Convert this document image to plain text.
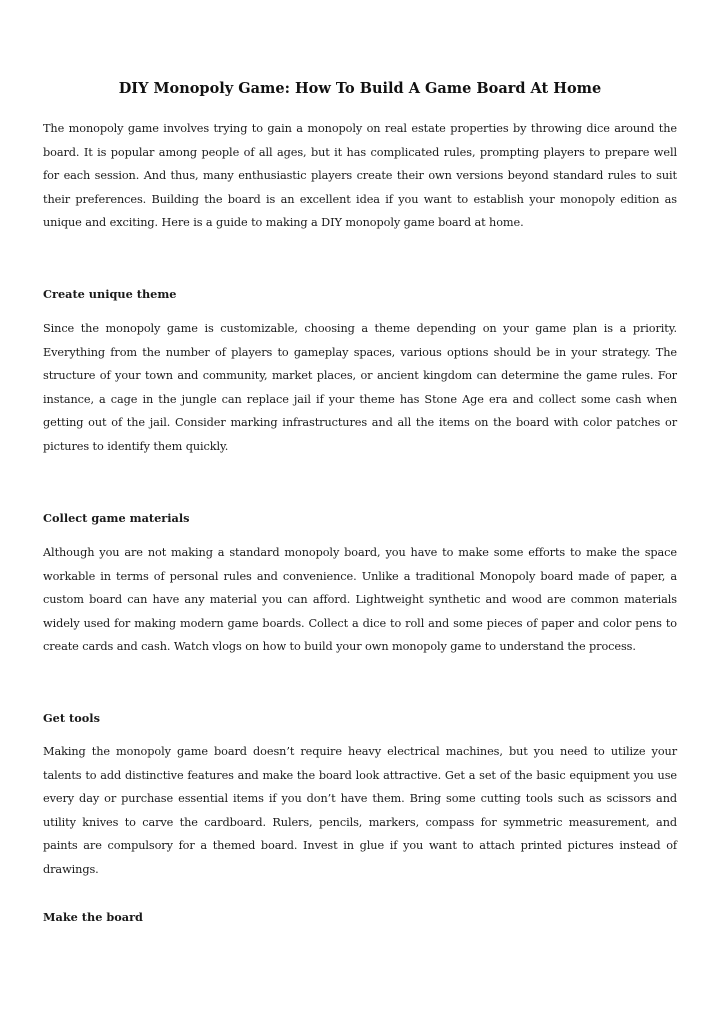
DIY Monopoly Game: How To Build A Game Board At Home

The monopoly game involves trying to gain a monopoly on real estate properties by throwing dice around the board. It is popular among people of all ages, but it has complicated rules, prompting players to prepare well for each session. And thus, many enthusiastic players create their own versions beyond standard rules to suit their preferences. Building the board is an excellent idea if you want to establish your monopoly edition as unique and exciting. Here is a guide to making a DIY monopoly game board at home.

Create unique theme

Since the monopoly game is customizable, choosing a theme depending on your game plan is a priority. Everything from the number of players to gameplay spaces, various options should be in your strategy. The structure of your town and community, market places, or ancient kingdom can determine the game rules. For instance, a cage in the jungle can replace jail if your theme has Stone Age era and collect some cash when getting out of the jail. Consider marking infrastructures and all the items on the board with color patches or pictures to identify them quickly.

Collect game materials

Although you are not making a standard monopoly board, you have to make some efforts to make the space workable in terms of personal rules and convenience. Unlike a traditional Monopoly board made of paper, a custom board can have any material you can afford. Lightweight synthetic and wood are common materials widely used for making modern game boards. Collect a dice to roll and some pieces of paper and color pens to create cards and cash. Watch vlogs on how to build your own monopoly game to understand the process.

Get tools

Making the monopoly game board doesn’t require heavy electrical machines, but you need to utilize your talents to add distinctive features and make the board look attractive. Get a set of the basic equipment you use every day or purchase essential items if you don’t have them. Bring some cutting tools such as scissors and utility knives to carve the cardboard. Rulers, pencils, markers, compass for symmetric measurement, and paints are compulsory for a themed board. Invest in glue if you want to attach printed pictures instead of drawings.

Make the board
